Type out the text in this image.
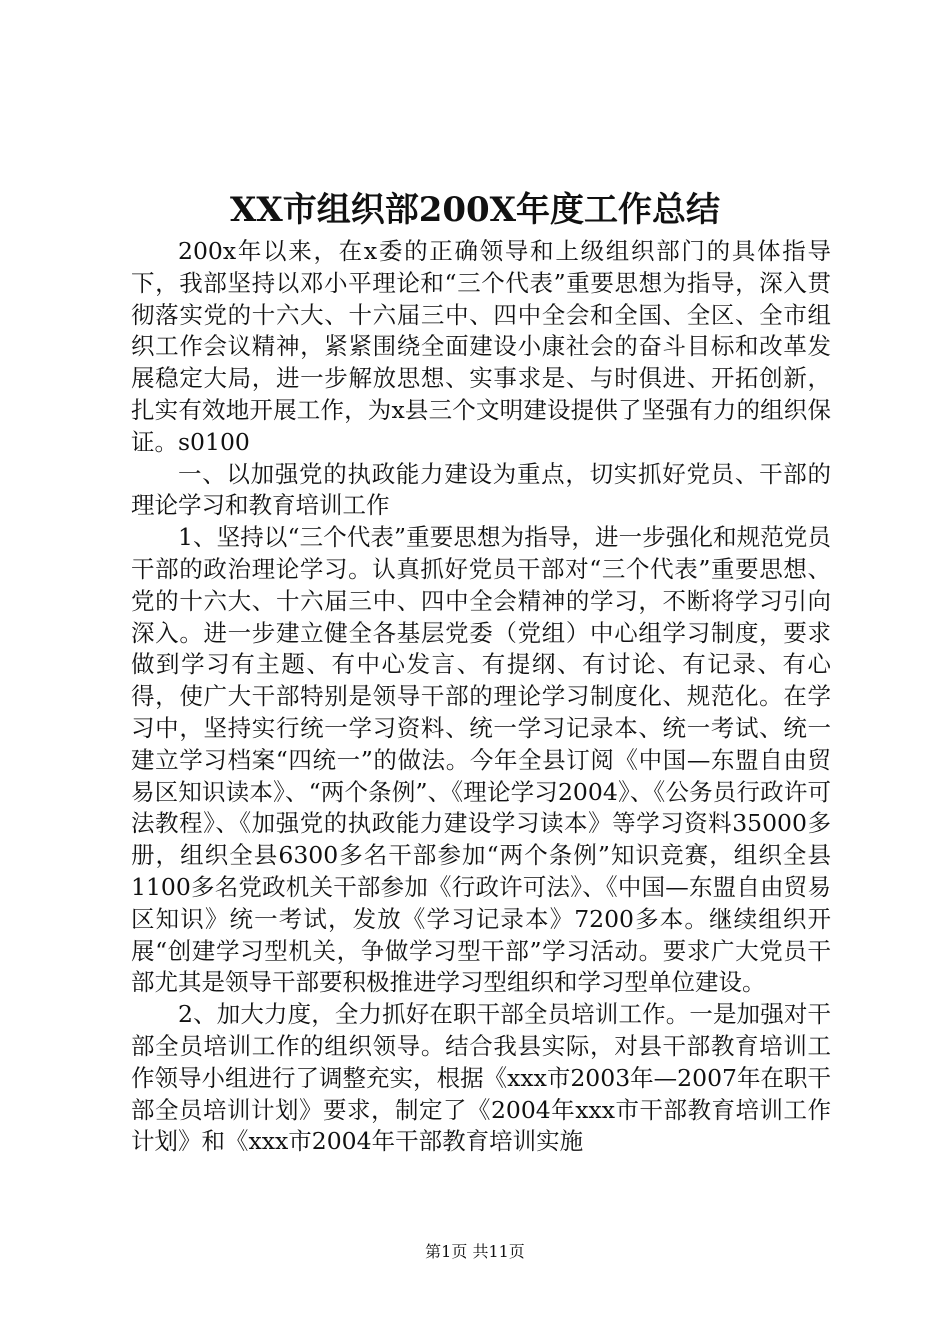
XX市组织部200X年度工作总结

200x年以来，在x委的正确领导和上级组织部门的具体指导下，我部坚持以邓小平理论和“三个代表”重要思想为指导，深入贯彻落实党的十六大、十六届三中、四中全会和全国、全区、全市组织工作会议精神，紧紧围绕全面建设小康社会的奋斗目标和改革发展稳定大局，进一步解放思想、实事求是、与时俱进、开拓创新，扎实有效地开展工作，为x县三个文明建设提供了坚强有力的组织保证。s0100

一、以加强党的执政能力建设为重点，切实抓好党员、干部的理论学习和教育培训工作

1、坚持以“三个代表”重要思想为指导，进一步强化和规范党员干部的政治理论学习。认真抓好党员干部对“三个代表”重要思想、党的十六大、十六届三中、四中全会精神的学习，不断将学习引向深入。进一步建立健全各基层党委（党组）中心组学习制度，要求做到学习有主题、有中心发言、有提纲、有讨论、有记录、有心得，使广大干部特别是领导干部的理论学习制度化、规范化。在学习中，坚持实行统一学习资料、统一学习记录本、统一考试、统一建立学习档案“四统一”的做法。今年全县订阅《中国—东盟自由贸易区知识读本》、“两个条例”、《理论学习2004》、《公务员行政许可法教程》、《加强党的执政能力建设学习读本》等学习资料35000多册，组织全县6300多名干部参加“两个条例”知识竞赛，组织全县1100多名党政机关干部参加《行政许可法》、《中国—东盟自由贸易区知识》统一考试，发放《学习记录本》7200多本。继续组织开展“创建学习型机关，争做学习型干部”学习活动。要求广大党员干部尤其是领导干部要积极推进学习型组织和学习型单位建设。

2、加大力度，全力抓好在职干部全员培训工作。一是加强对干部全员培训工作的组织领导。结合我县实际，对县干部教育培训工作领导小组进行了调整充实，根据《xxx市2003年—2007年在职干部全员培训计划》要求，制定了《2004年xxx市干部教育培训工作计划》和《xxx市2004年干部教育培训实施

第1页 共11页
